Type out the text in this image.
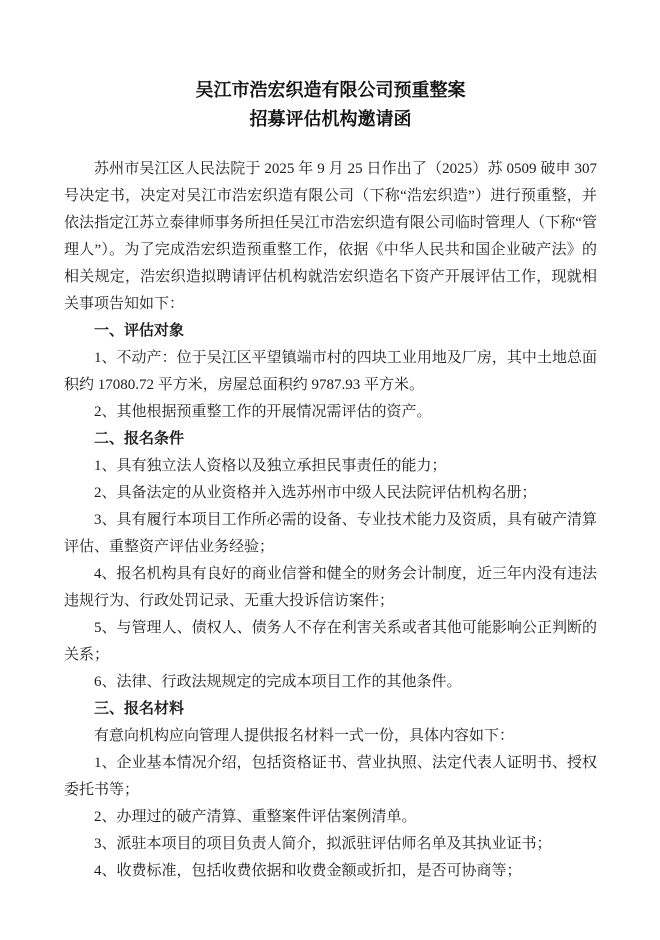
吴江市浩宏织造有限公司预重整案
招募评估机构邀请函

苏州市吴江区人民法院于 2025 年 9 月 25 日作出了（2025）苏 0509 破申 307 号决定书，决定对吴江市浩宏织造有限公司（下称“浩宏织造”）进行预重整，并依法指定江苏立泰律师事务所担任吴江市浩宏织造有限公司临时管理人（下称“管理人”）。为了完成浩宏织造预重整工作，依据《中华人民共和国企业破产法》的相关规定，浩宏织造拟聘请评估机构就浩宏织造名下资产开展评估工作，现就相关事项告知如下：

一、评估对象

1、不动产：位于吴江区平望镇端市村的四块工业用地及厂房，其中土地总面积约 17080.72 平方米，房屋总面积约 9787.93 平方米。

2、其他根据预重整工作的开展情况需评估的资产。

二、报名条件

1、具有独立法人资格以及独立承担民事责任的能力；

2、具备法定的从业资格并入选苏州市中级人民法院评估机构名册；

3、具有履行本项目工作所必需的设备、专业技术能力及资质，具有破产清算评估、重整资产评估业务经验；

4、报名机构具有良好的商业信誉和健全的财务会计制度，近三年内没有违法违规行为、行政处罚记录、无重大投诉信访案件；

5、与管理人、债权人、债务人不存在利害关系或者其他可能影响公正判断的关系；

6、法律、行政法规规定的完成本项目工作的其他条件。

三、报名材料

有意向机构应向管理人提供报名材料一式一份，具体内容如下：

1、企业基本情况介绍，包括资格证书、营业执照、法定代表人证明书、授权委托书等；

2、办理过的破产清算、重整案件评估案例清单。

3、派驻本项目的项目负责人简介，拟派驻评估师名单及其执业证书；

4、收费标准，包括收费依据和收费金额或折扣，是否可协商等；
